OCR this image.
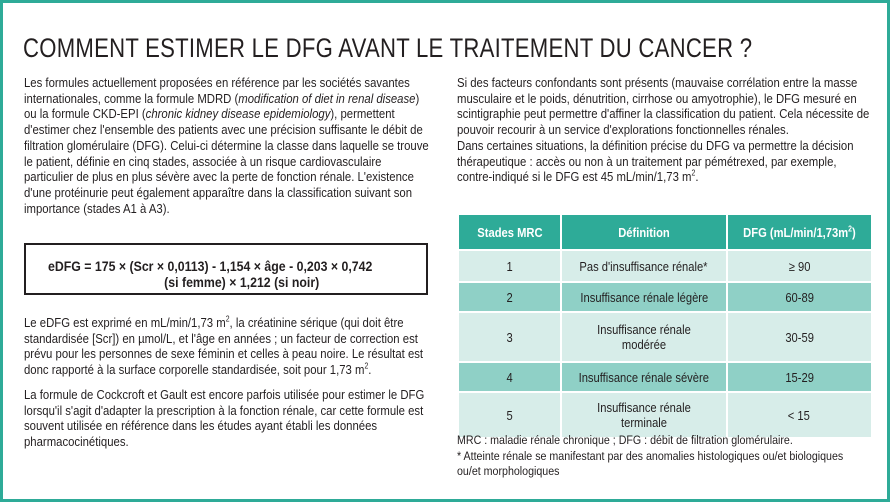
COMMENT ESTIMER LE DFG AVANT LE TRAITEMENT DU CANCER ?

Les formules actuellement proposées en référence par les sociétés savantes internationales, comme la formule MDRD (modification of diet in renal disease) ou la formule CKD-EPI (chronic kidney disease epidemiology), permettent d'estimer chez l'ensemble des patients avec une précision suffisante le débit de filtration glomérulaire (DFG). Celui-ci détermine la classe dans laquelle se trouve le patient, définie en cinq stades, associée à un risque cardiovasculaire particulier de plus en plus sévère avec la perte de fonction rénale. L'existence d'une protéinurie peut également apparaître dans la classification suivant son importance (stades A1 à A3).

eDFG = 175 × (Scr × 0,0113) - 1,154 × âge - 0,203 × 0,742
(si femme) × 1,212 (si noir)

Le eDFG est exprimé en mL/min/1,73 $m^2$, la créatinine sérique (qui doit être standardisée [Scr]) en µmol/L, et l'âge en années ; un facteur de correction est prévu pour les personnes de sexe féminin et celles à peau noire. Le résultat est donc rapporté à la surface corporelle standardisée, soit pour 1,73 $m^2$.

La formule de Cockcroft et Gault est encore parfois utilisée pour estimer le DFG lorsqu'il s'agit d'adapter la prescription à la fonction rénale, car cette formule est souvent utilisée en référence dans les études ayant établi les données pharmacocinétiques.

Si des facteurs confondants sont présents (mauvaise corrélation entre la masse musculaire et le poids, dénutrition, cirrhose ou amyotrophie), le DFG mesuré en scintigraphie peut permettre d'affiner la classification du patient. Cela nécessite de pouvoir recourir à un service d'explorations fonctionnelles rénales.

Dans certaines situations, la définition précise du DFG va permettre la décision thérapeutique : accès ou non à un traitement par pémétrexed, par exemple, contre-indiqué si le DFG est 45 mL/min/1,73 $m^2$.

Stades MRC	Définition	DFG $(mL/\min/1,73m^2)$
1	Pas d'insuffisance rénale*	≥ 90
2	Insuffisance rénale légère	60-89
3	Insuffisance rénale modérée	30-59
4	Insuffisance rénale sévère	15-29
5	Insuffisance rénale terminale	< 15

MRC : maladie rénale chronique ; DFG : débit de filtration glomérulaire.

* Atteinte rénale se manifestant par des anomalies histologiques ou/et biologiques ou/et morphologiques
